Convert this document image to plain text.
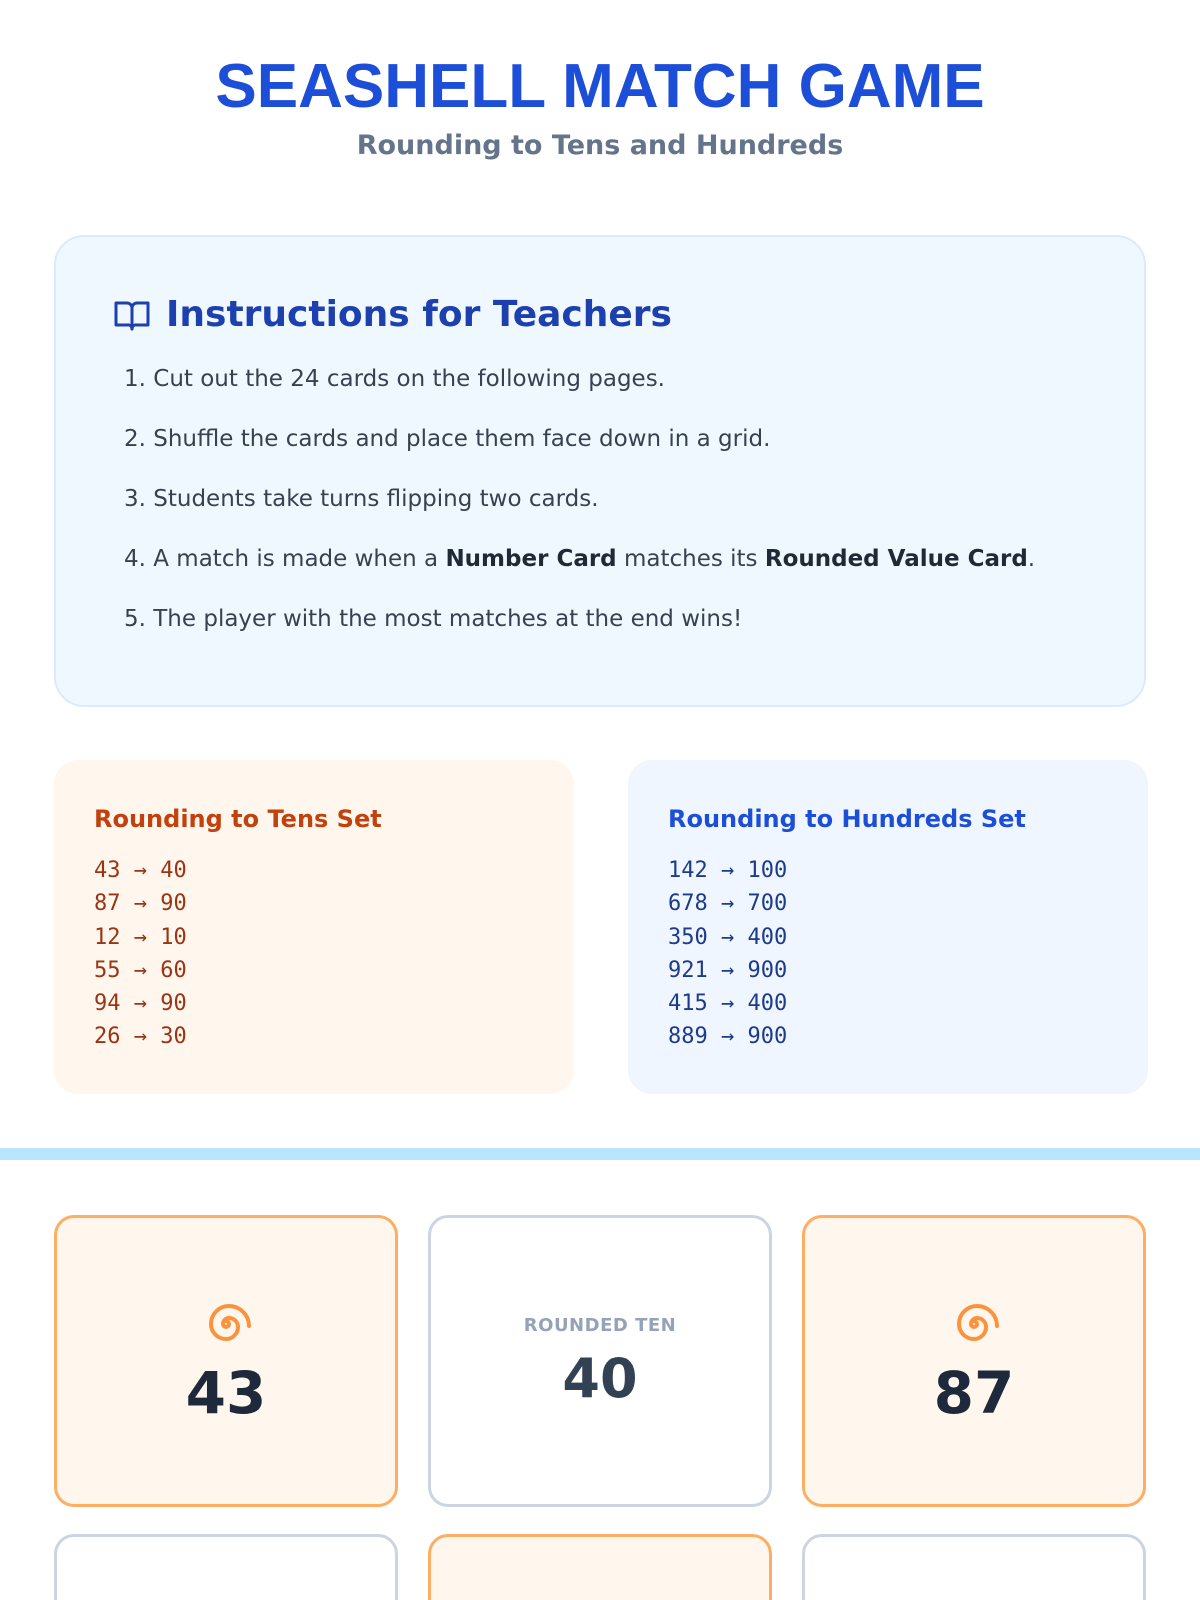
SEASHELL MATCH GAME
Rounding to Tens and Hundreds
Instructions for Teachers
1. Cut out the 24 cards on the following pages.
2. Shuffle the cards and place them face down in a grid.
3. Students take turns flipping two cards.
4. A match is made when a Number Card matches its Rounded Value Card.
5. The player with the most matches at the end wins!
Rounding to Tens Set
43 → 40
87 → 90
12 → 10
55 → 60
94 → 90
26 → 30
Rounding to Hundreds Set
142 → 100
678 → 700
350 → 400
921 → 900
415 → 400
889 → 900
43
ROUNDED TEN
40	87
